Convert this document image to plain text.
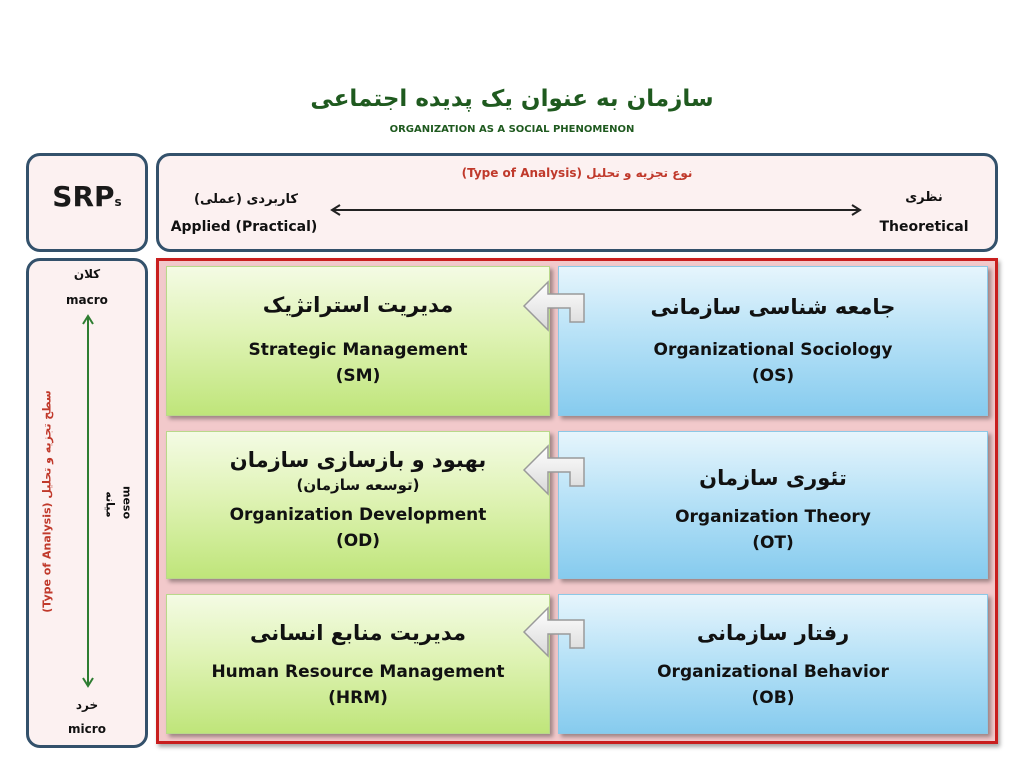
سازمان به عنوان یک پدیده اجتماعی
ORGANIZATION AS A SOCIAL PHENOMENON
SRPs
نوع تجزیه و تحلیل (Type of Analysis)
کاربردی (عملی)
Applied (Practical)
نظری
Theoretical
کلان
macro
خرد
micro
سطح تجزیه و تحلیل (Type of Analysis)	میانه meso
مدیریت استراتژیک
Strategic Management
(SM)
جامعه شناسی سازمانی
Organizational Sociology
(OS)
بهبود و بازسازی سازمان
(توسعه سازمان)
Organization Development
(OD)
تئوری سازمان
Organization Theory
(OT)
مدیریت منابع انسانی
Human Resource Management
(HRM)
رفتار سازمانی
Organizational Behavior
(OB)
